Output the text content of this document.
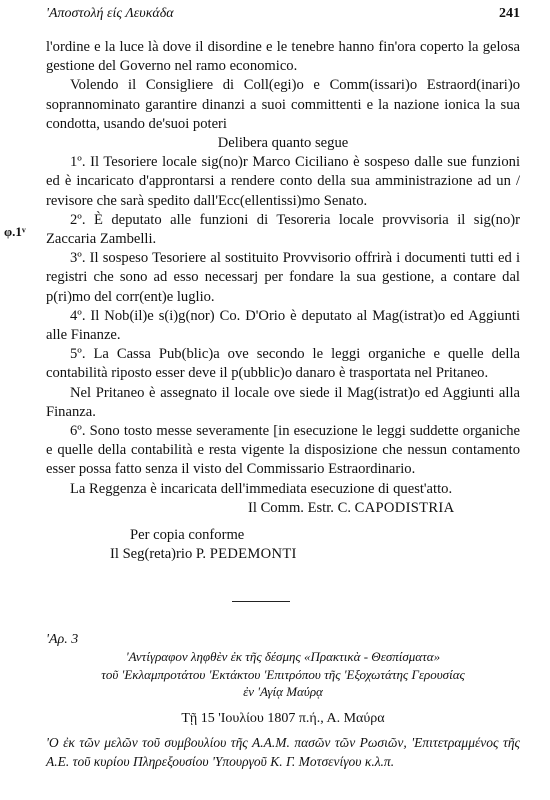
'Αποστολή είς Λευκάδα	241
φ.1ᵛ

l'ordine e la luce là dove il disordine e le tenebre hanno fin'ora coperto la gelosa gestione del Governo nel ramo economico.

Volendo il Consigliere di Coll(egi)o e Comm(issari)o Estraord(inari)o soprannominato garantire dinanzi a suoi committenti e la nazione ionica la sua condotta, usando de'suoi poteri

Delibera quanto segue

1º. Il Tesoriere locale sig(no)r Marco Ciciliano è sospeso dalle sue funzioni ed è incaricato d'approntarsi a rendere conto della sua amministrazione ad un / revisore che sarà spedito dall'Ecc(ellentissi)mo Senato.

2º. È deputato alle funzioni di Tesoreria locale provvisoria il sig(no)r Zaccaria Zambelli.

3º. Il sospeso Tesoriere al sostituito Provvisorio offrirà i documenti tutti ed i registri che sono ad esso necessarj per fondare la sua gestione, a contare dal p(ri)mo del corr(ent)e luglio.

4º. Il Nob(il)e s(i)g(nor) Co. D'Orio è deputato al Mag(istrat)o ed Aggiunti alle Finanze.

5º. La Cassa Pub(blic)a ove secondo le leggi organiche e quelle della contabilità riposto esser deve il p(ubblic)o danaro è trasportata nel Pritaneo.

Nel Pritaneo è assegnato il locale ove siede il Mag(istrat)o ed Aggiunti alla Finanza.

6º. Sono tosto messe severamente [in esecuzione le leggi suddette organiche e quelle della contabilità e resta vigente la disposizione che nessun contamento esser possa fatto senza il visto del Commissario Estraordinario.

La Reggenza è incaricata dell'immediata esecuzione di quest'atto.

Il Comm. Estr. C. CAPODISTRIA

Per copia conforme

Il Seg(reta)rio P. PEDEMONTI

'Αρ. 3

'Αντίγραφον ληφθὲν ἐκ τῆς δέσμης «Πρακτικὰ - Θεσπίσματα»

τοῦ 'Εκλαμπροτάτου 'Εκτάκτου 'Επιτρόπου τῆς 'Εξοχωτάτης Γερουσίας

ἐν 'Αγίᾳ Μαύρᾳ

Τῇ 15 'Ιουλίου 1807 π.ή., Α. Μαύρα

'Ο ἐκ τῶν μελῶν τοῦ συμβουλίου τῆς Α.Α.Μ. πασῶν τῶν Ρωσιῶν, 'Επιτετραμμένος τῆς Α.Ε. τοῦ κυρίου Πληρεξουσίου 'Υπουργοῦ Κ. Γ. Μοτσενίγου κ.λ.π.
